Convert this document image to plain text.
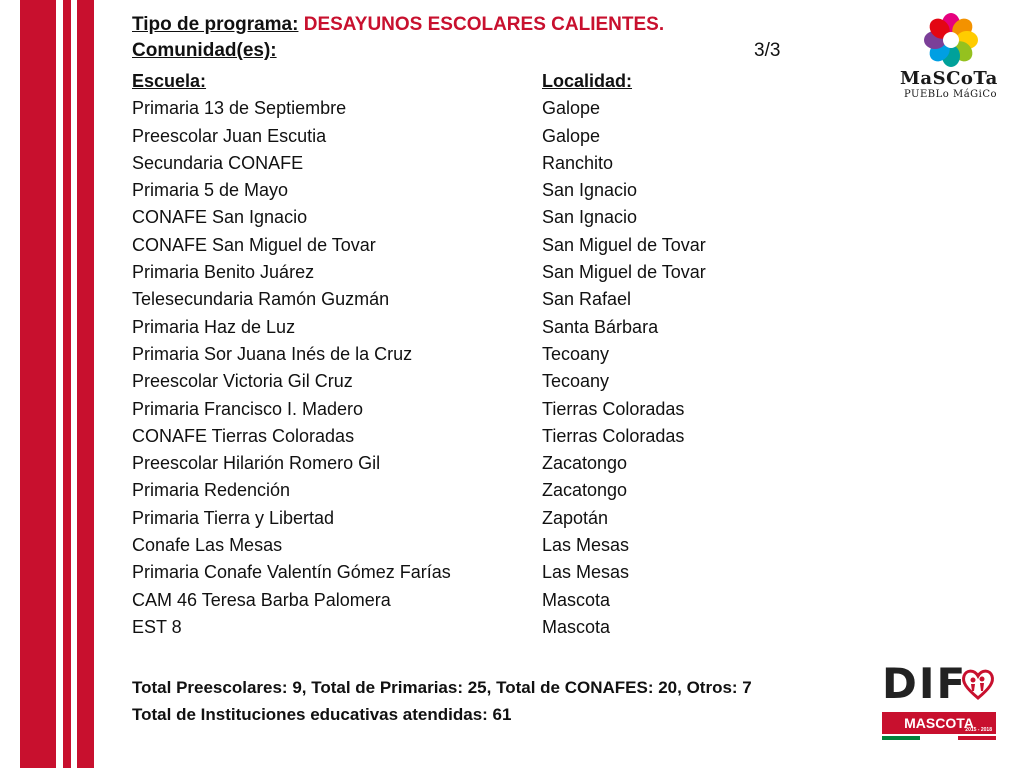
Tipo de programa: DESAYUNOS ESCOLARES CALIENTES.
Comunidad(es):	3/3
Escuela:	Localidad:
Primaria 13 de Septiembre	Galope
Preescolar Juan Escutia	Galope
Secundaria CONAFE	Ranchito
Primaria 5 de Mayo	San Ignacio
CONAFE San Ignacio	San Ignacio
CONAFE San Miguel de Tovar	San Miguel de Tovar
Primaria Benito Juárez	San Miguel de Tovar
Telesecundaria Ramón Guzmán	San Rafael
Primaria Haz de Luz	Santa Bárbara
Primaria Sor Juana Inés de la Cruz	Tecoany
Preescolar Victoria Gil Cruz	Tecoany
Primaria Francisco I. Madero	Tierras Coloradas
CONAFE Tierras Coloradas	Tierras Coloradas
Preescolar Hilarión Romero Gil	Zacatongo
Primaria Redención	Zacatongo
Primaria Tierra y Libertad	Zapotán
Conafe Las Mesas	Las Mesas
Primaria Conafe Valentín Gómez Farías	Las Mesas
CAM 46 Teresa Barba Palomera	Mascota
EST 8	Mascota
Total Preescolares: 9, Total de Primarias: 25, Total de CONAFES: 20, Otros: 7
Total de Instituciones educativas atendidas: 61
MaSCoTa
PUEBLo MáGiCo
DIF
MASCOTA
2015 - 2018
